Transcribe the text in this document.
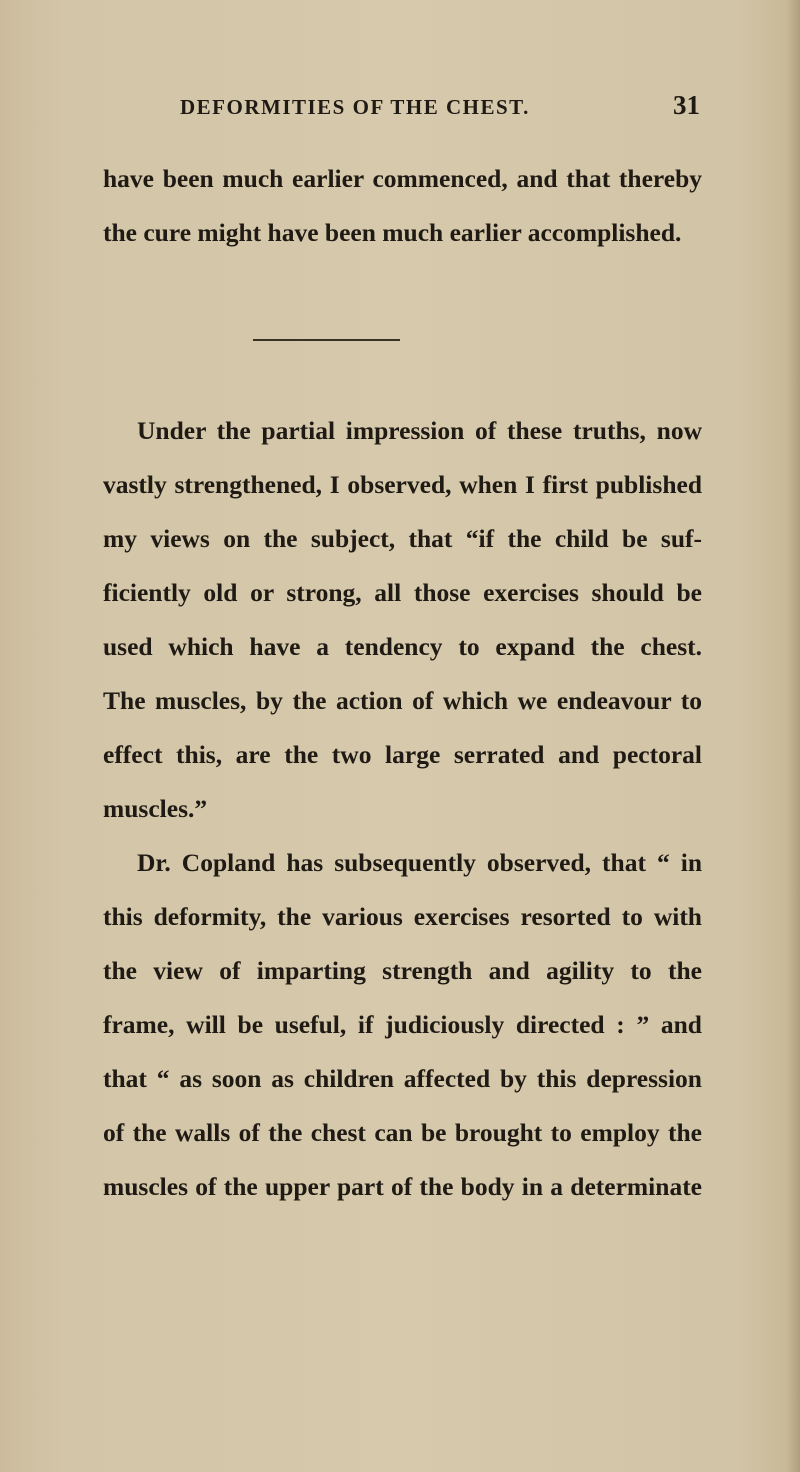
DEFORMITIES OF THE CHEST.	31
have been much earlier commenced, and that thereby
the cure might have been much earlier accomplished.
Under the partial impression of these truths, now
vastly strengthened, I observed, when I first published
my views on the subject, that “if the child be suf-
ficiently old or strong, all those exercises should be
used which have a tendency to expand the chest.
The muscles, by the action of which we endeavour to
effect this, are the two large serrated and pectoral
muscles.”
Dr. Copland has subsequently observed, that “ in
this deformity, the various exercises resorted to with
the view of imparting strength and agility to the
frame, will be useful, if judiciously directed : ” and
that “ as soon as children affected by this depression
of the walls of the chest can be brought to employ the
muscles of the upper part of the body in a determinate
